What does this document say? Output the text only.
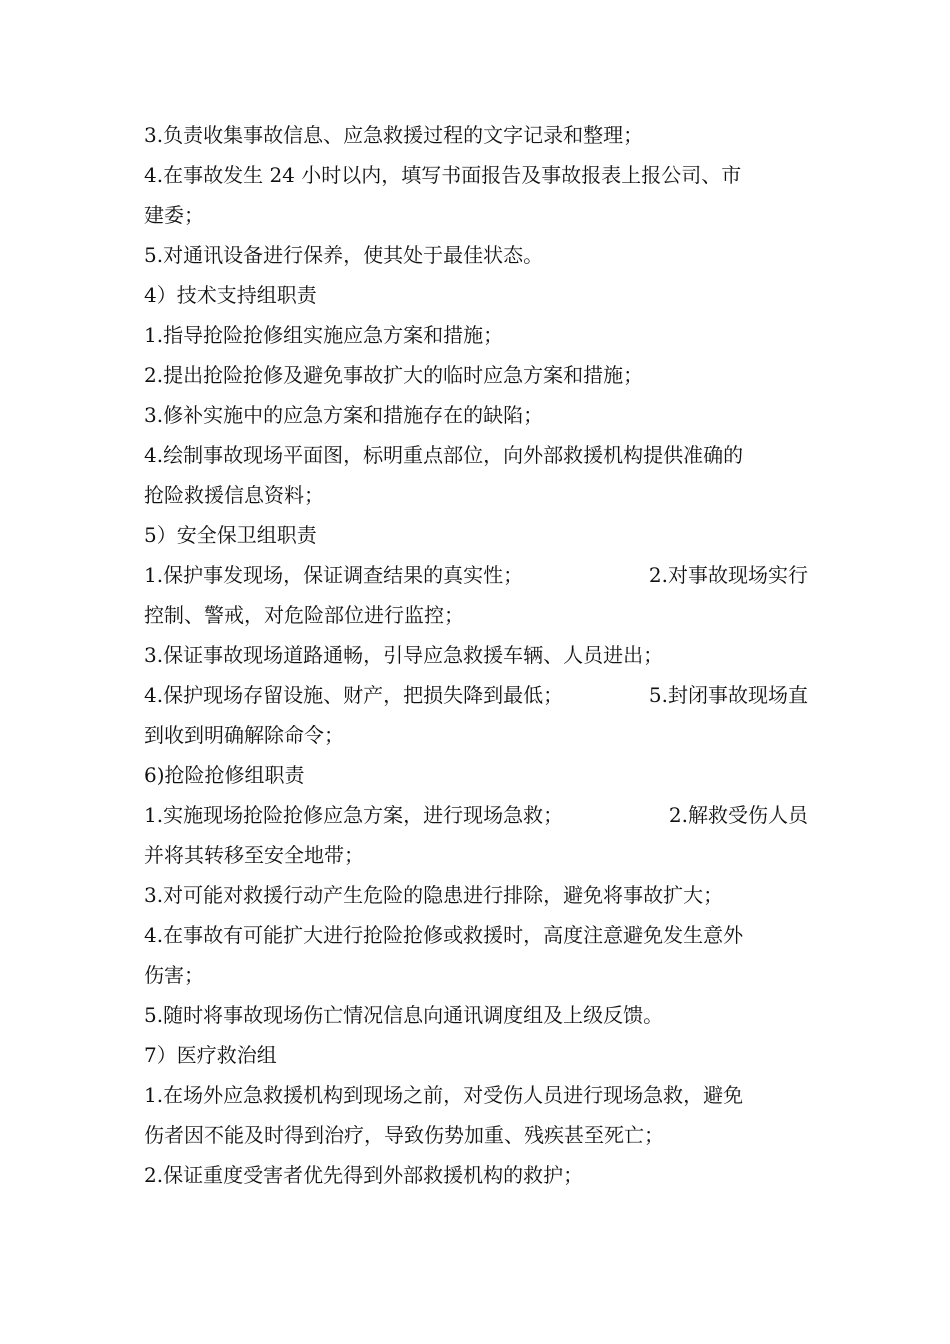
3.负责收集事故信息、应急救援过程的文字记录和整理；
4.在事故发生 24 小时以内，填写书面报告及事故报表上报公司、市
建委；
5.对通讯设备进行保养，使其处于最佳状态。
4）技术支持组职责
1.指导抢险抢修组实施应急方案和措施；
2.提出抢险抢修及避免事故扩大的临时应急方案和措施；
3.修补实施中的应急方案和措施存在的缺陷；
4.绘制事故现场平面图，标明重点部位，向外部救援机构提供准确的
抢险救援信息资料；
5）安全保卫组职责
1.保护事发现场，保证调查结果的真实性；	2.对事故现场实行
控制、警戒，对危险部位进行监控；
3.保证事故现场道路通畅，引导应急救援车辆、人员进出；
4.保护现场存留设施、财产，把损失降到最低；	5.封闭事故现场直
到收到明确解除命令；
6)抢险抢修组职责
1.实施现场抢险抢修应急方案，进行现场急救；	2.解救受伤人员
并将其转移至安全地带；
3.对可能对救援行动产生危险的隐患进行排除，避免将事故扩大；
4.在事故有可能扩大进行抢险抢修或救援时，高度注意避免发生意外
伤害；
5.随时将事故现场伤亡情况信息向通讯调度组及上级反馈。
7）医疗救治组
1.在场外应急救援机构到现场之前，对受伤人员进行现场急救，避免
伤者因不能及时得到治疗，导致伤势加重、残疾甚至死亡；
2.保证重度受害者优先得到外部救援机构的救护；
